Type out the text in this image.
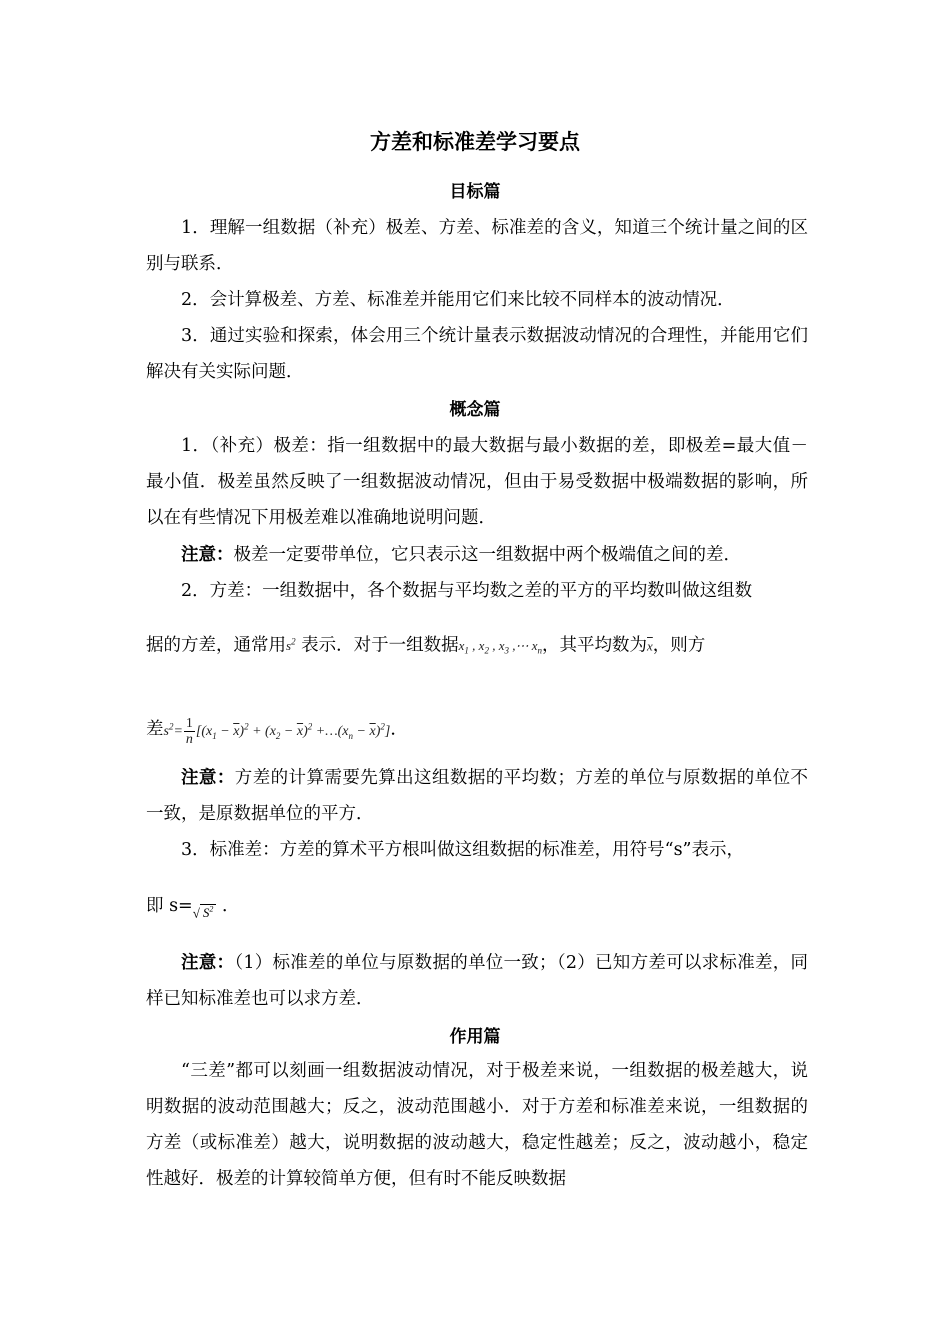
方差和标准差学习要点
目标篇

1．理解一组数据（补充）极差、方差、标准差的含义，知道三个统计量之间的区别与联系．

2．会计算极差、方差、标准差并能用它们来比较不同样本的波动情况．

3．通过实验和探索，体会用三个统计量表示数据波动情况的合理性，并能用它们解决有关实际问题．

概念篇

1．（补充）极差：指一组数据中的最大数据与最小数据的差，即极差=最大值－最小值．极差虽然反映了一组数据波动情况，但由于易受数据中极端数据的影响，所以在有些情况下用极差难以准确地说明问题．

注意：极差一定要带单位，它只表示这一组数据中两个极端值之间的差．

2．方差：一组数据中，各个数据与平均数之差的平方的平均数叫做这组数

据的方差，通常用$s^2$ 表示．对于一组数据$x_1$ , $x_2$ , $x_3$ ,⋯ $x_n$，其平均数为$\overline{x}$，则方
差$s^2= \frac{1}{n} [(x_1 - \overline{x})^2 + (x_2 - \overline{x})^2$ $+\dots(x_n - \overline{x})^2$]．

注意：方差的计算需要先算出这组数据的平均数；方差的单位与原数据的单位不一致，是原数据单位的平方．

3．标准差：方差的算术平方根叫做这组数据的标准差，用符号“s”表示，

即 s=√ $S^2$ ．

注意：（1）标准差的单位与原数据的单位一致；（2）已知方差可以求标准差，同样已知标准差也可以求方差．

作用篇

“三差”都可以刻画一组数据波动情况，对于极差来说，一组数据的极差越大，说明数据的波动范围越大；反之，波动范围越小．对于方差和标准差来说，一组数据的方差（或标准差）越大，说明数据的波动越大，稳定性越差；反之，波动越小，稳定性越好．极差的计算较简单方便，但有时不能反映数据
